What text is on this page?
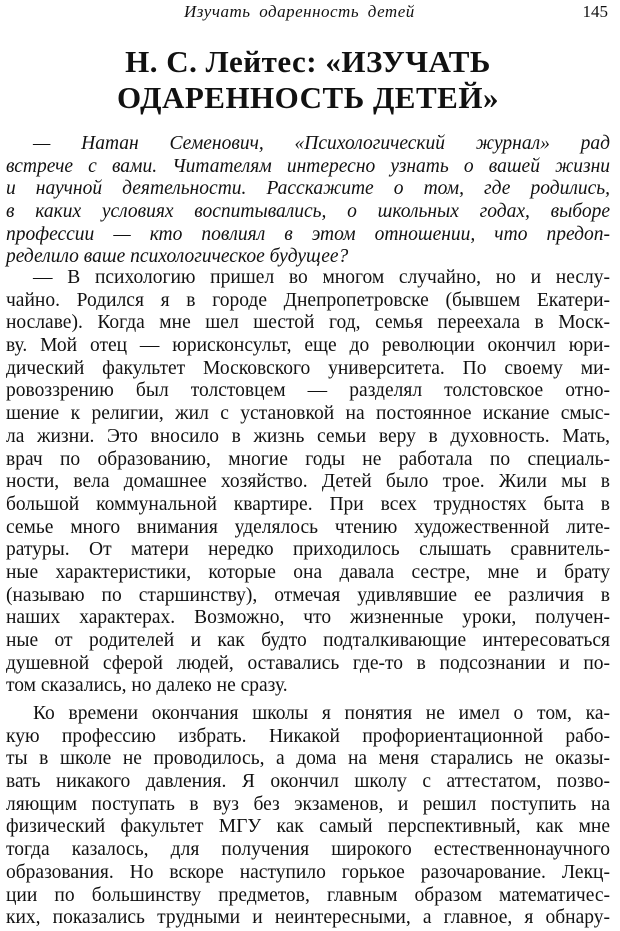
Изучать одаренность детей	145
Н. С. Лейтес: «ИЗУЧАТЬ
ОДАРЕННОСТЬ ДЕТЕЙ»
— Натан Семенович, «Психологический журнал» рад
встрече с вами. Читателям интересно узнать о вашей жизни
и научной деятельности. Расскажите о том, где родились,
в каких условиях воспитывались, о школьных годах, выборе
профессии — кто повлиял в этом отношении, что предоп-
ределило ваше психологическое будущее?
— В психологию пришел во многом случайно, но и неслу-
чайно. Родился я в городе Днепропетровске (бывшем Екатери-
нославе). Когда мне шел шестой год, семья переехала в Моск-
ву. Мой отец — юрисконсульт, еще до революции окончил юри-
дический факультет Московского университета. По своему ми-
ровоззрению был толстовцем — разделял толстовское отно-
шение к религии, жил с установкой на постоянное искание смыс-
ла жизни. Это вносило в жизнь семьи веру в духовность. Мать,
врач по образованию, многие годы не работала по специаль-
ности, вела домашнее хозяйство. Детей было трое. Жили мы в
большой коммунальной квартире. При всех трудностях быта в
семье много внимания уделялось чтению художественной лите-
ратуры. От матери нередко приходилось слышать сравнитель-
ные характеристики, которые она давала сестре, мне и брату
(называю по старшинству), отмечая удивлявшие ее различия в
наших характерах. Возможно, что жизненные уроки, получен-
ные от родителей и как будто подталкивающие интересоваться
душевной сферой людей, оставались где-то в подсознании и по-
том сказались, но далеко не сразу.
Ко времени окончания школы я понятия не имел о том, ка-
кую профессию избрать. Никакой профориентационной рабо-
ты в школе не проводилось, а дома на меня старались не оказы-
вать никакого давления. Я окончил школу с аттестатом, позво-
ляющим поступать в вуз без экзаменов, и решил поступить на
физический факультет МГУ как самый перспективный, как мне
тогда казалось, для получения широкого естественнонаучного
образования. Но вскоре наступило горькое разочарование. Лекц-
ции по большинству предметов, главным образом математичес-
ких, показались трудными и неинтересными, а главное, я обнару-
